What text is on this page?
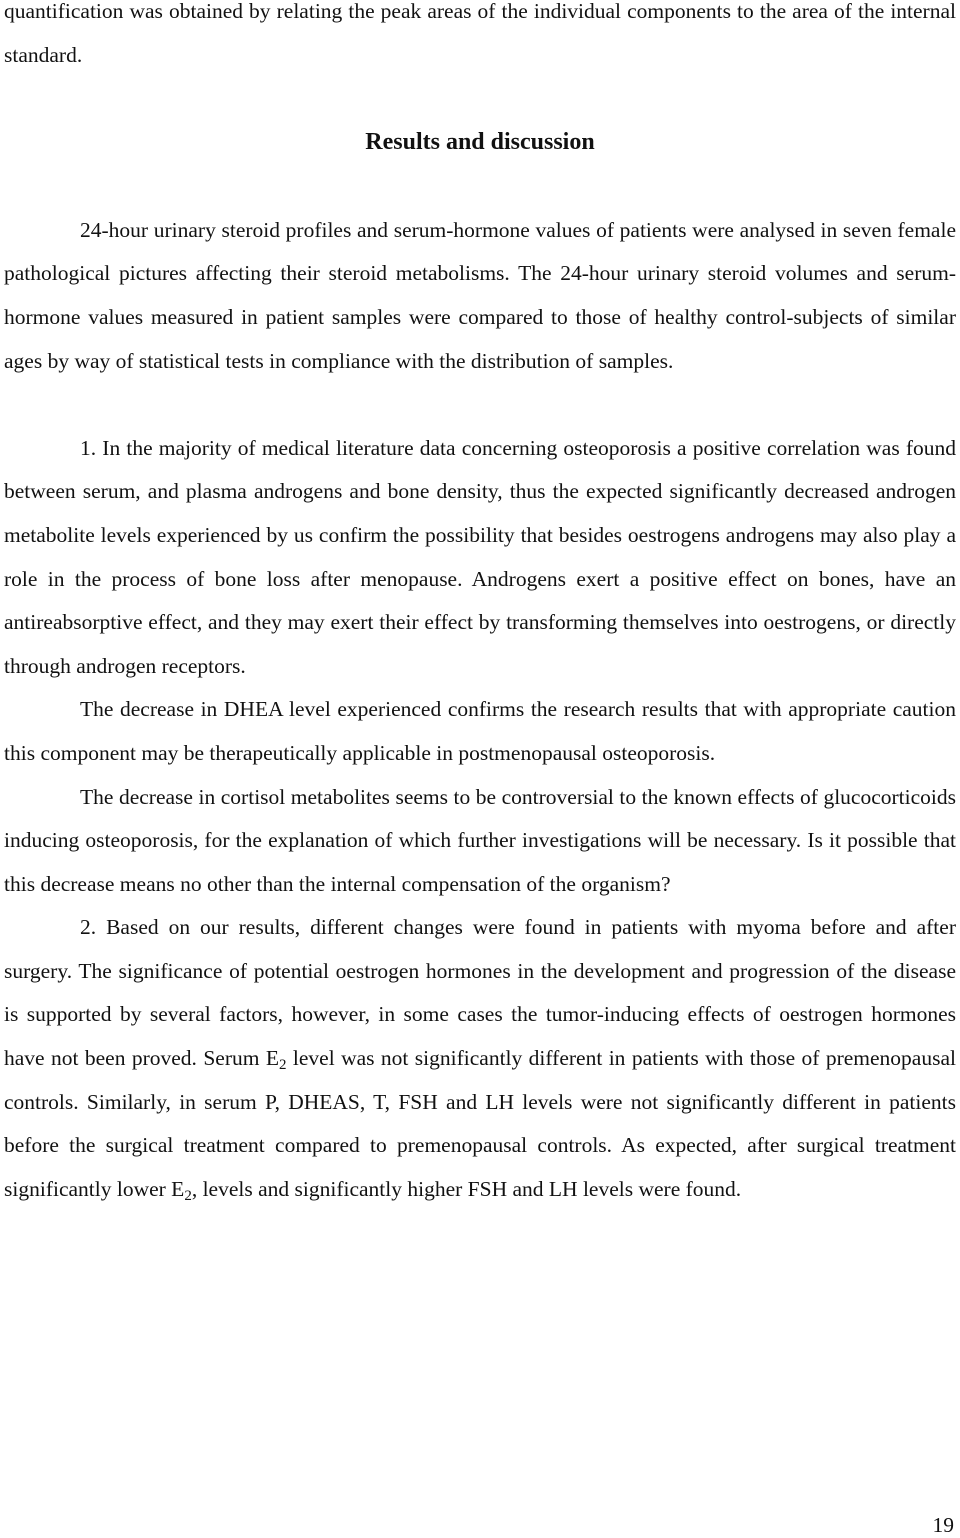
quantification was obtained by relating the peak areas of the individual components to the area of the internal standard.

Results and discussion

24-hour urinary steroid profiles and serum-hormone values of patients were analysed in seven female pathological pictures affecting their steroid metabolisms. The 24-hour urinary steroid volumes and serum-hormone values measured in patient samples were compared to those of healthy control-subjects of similar ages by way of statistical tests in compliance with the distribution of samples.

1. In the majority of medical literature data concerning osteoporosis a positive correlation was found between serum, and plasma androgens and bone density, thus the expected significantly decreased androgen metabolite levels experienced by us confirm the possibility that besides oestrogens androgens may also play a role in the process of bone loss after menopause. Androgens exert a positive effect on bones, have an antireabsorptive effect, and they may exert their effect by transforming themselves into oestrogens, or directly through androgen receptors.

The decrease in DHEA level experienced confirms the research results that with appropriate caution this component may be therapeutically applicable in postmenopausal osteoporosis.

The decrease in cortisol metabolites seems to be controversial to the known effects of glucocorticoids inducing osteoporosis, for the explanation of which further investigations will be necessary. Is it possible that this decrease means no other than the internal compensation of the organism?

2. Based on our results, different changes were found in patients with myoma before and after surgery. The significance of potential oestrogen hormones in the development and progression of the disease is supported by several factors, however, in some cases the tumor-inducing effects of oestrogen hormones have not been proved. Serum $E_2$ level was not significantly different in patients with those of premenopausal controls. Similarly, in serum P, DHEAS, T, FSH and LH levels were not significantly different in patients before the surgical treatment compared to premenopausal controls. As expected, after surgical treatment significantly lower $E_2$, levels and significantly higher FSH and LH levels were found.

19
